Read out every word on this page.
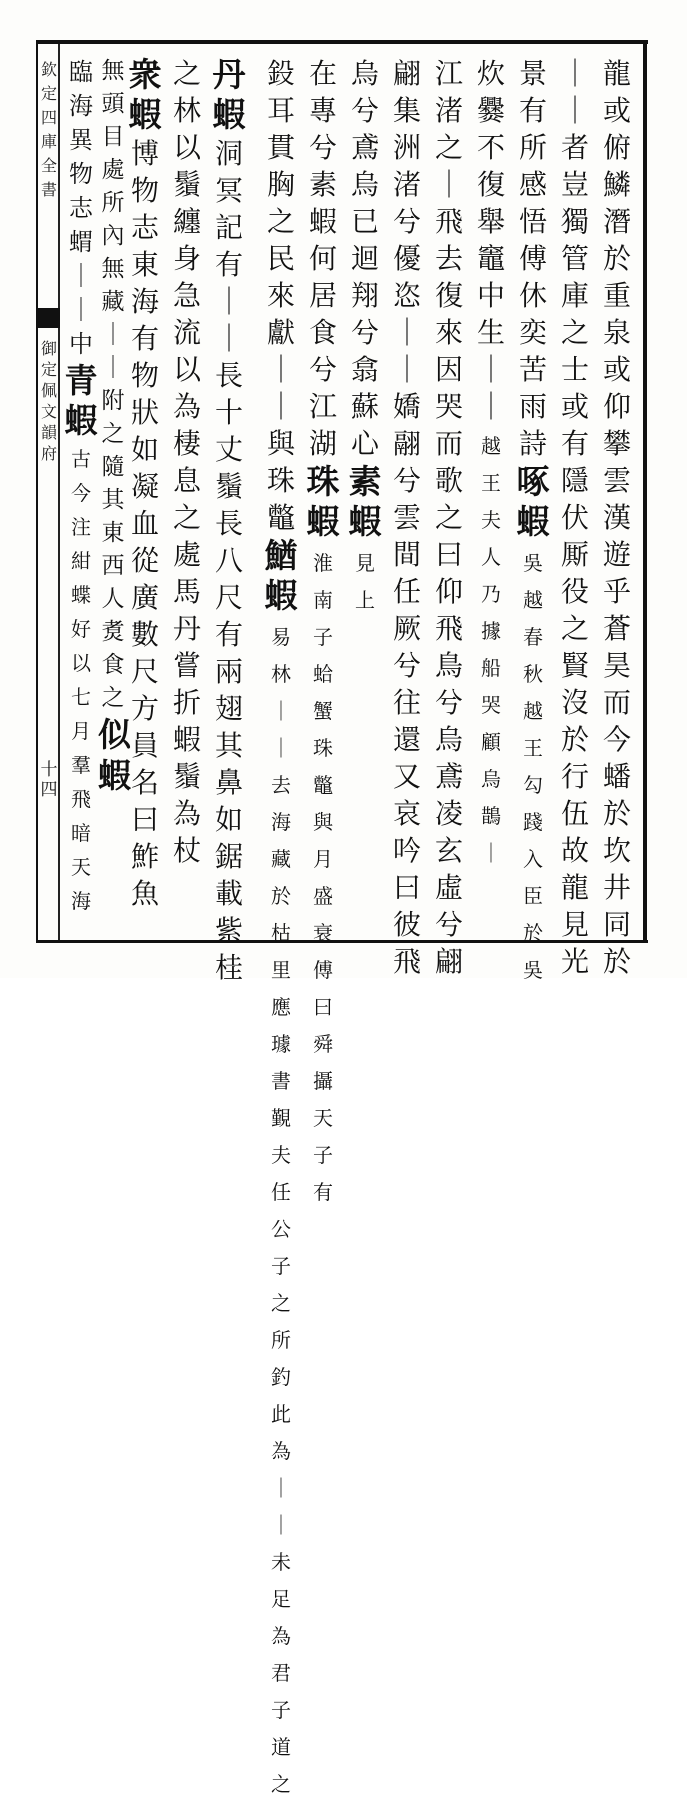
欽定四庫全書
御定佩文韻府
十四
龍或俯鱗潛於重泉或仰攀雲漢遊乎蒼昊而今蟠於坎井同於
｜｜者豈獨管庫之士或有隱伏厮役之賢沒於行伍故龍見光
景有所感悟傅休奕苦雨詩啄蝦吳越春秋越王勾踐入臣於吳
炊爨不復舉竈中生｜｜越王夫人乃據船哭顧烏鵲｜
江渚之｜飛去復來因哭而歌之曰仰飛鳥兮烏鳶凌玄虛兮翩
翩集洲渚兮優恣｜｜嬌翮兮雲間任厥兮往還又哀吟曰彼飛
烏兮鳶烏已迴翔兮翕蘇心素蝦見上
在專兮素蝦何居食兮江湖珠蝦淮南子蛤蟹珠鼈與月盛衰傅曰舜攝天子有
鈠耳貫胸之民來獻｜｜與珠鼈鰌蝦易林｜｜去海藏於枯里應璩書覲夫任公子之所釣此為｜｜未足為君子道之
丹蝦洞冥記有｜｜長十丈鬚長八尺有兩翅其鼻如鋸載紫桂
之林以鬚纏身急流以為棲息之處馬丹嘗折蝦鬚為杖
衆蝦博物志東海有物狀如凝血從廣數尺方員名曰鮓魚
無頭目處所內無藏｜｜附之隨其東西人煑食之似蝦
臨海異物志蝟｜｜中青蝦古今注紺蝶好以七月羣飛暗天海
